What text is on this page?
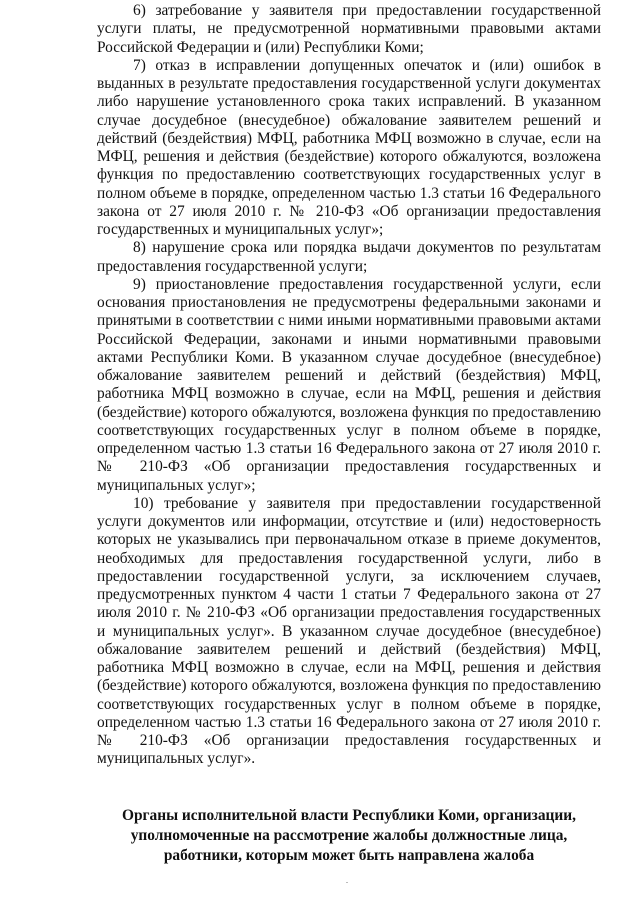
6) затребование у заявителя при предоставлении государственной услуги платы, не предусмотренной нормативными правовыми актами Российской Федерации и (или) Республики Коми;

7) отказ в исправлении допущенных опечаток и (или) ошибок в выданных в результате предоставления государственной услуги документах либо нарушение установленного срока таких исправлений. В указанном случае досудебное (внесудебное) обжалование заявителем решений и действий (бездействия) МФЦ, работника МФЦ возможно в случае, если на МФЦ, решения и действия (бездействие) которого обжалуются, возложена функция по предоставлению соответствующих государственных услуг в полном объеме в порядке, определенном частью 1.3 статьи 16 Федерального закона от 27 июля 2010 г. № 210-ФЗ «Об организации предоставления государственных и муниципальных услуг»;

8) нарушение срока или порядка выдачи документов по результатам предоставления государственной услуги;

9) приостановление предоставления государственной услуги, если основания приостановления не предусмотрены федеральными законами и принятыми в соответствии с ними иными нормативными правовыми актами Российской Федерации, законами и иными нормативными правовыми актами Республики Коми. В указанном случае досудебное (внесудебное) обжалование заявителем решений и действий (бездействия) МФЦ, работника МФЦ возможно в случае, если на МФЦ, решения и действия (бездействие) которого обжалуются, возложена функция по предоставлению соответствующих государственных услуг в полном объеме в порядке, определенном частью 1.3 статьи 16 Федерального закона от 27 июля 2010 г. № 210-ФЗ «Об организации предоставления государственных и муниципальных услуг»;

10) требование у заявителя при предоставлении государственной услуги документов или информации, отсутствие и (или) недостоверность которых не указывались при первоначальном отказе в приеме документов, необходимых для предоставления государственной услуги, либо в предоставлении государственной услуги, за исключением случаев, предусмотренных пунктом 4 части 1 статьи 7 Федерального закона от 27 июля 2010 г. № 210-ФЗ «Об организации предоставления государственных и муниципальных услуг». В указанном случае досудебное (внесудебное) обжалование заявителем решений и действий (бездействия) МФЦ, работника МФЦ возможно в случае, если на МФЦ, решения и действия (бездействие) которого обжалуются, возложена функция по предоставлению соответствующих государственных услуг в полном объеме в порядке, определенном частью 1.3 статьи 16 Федерального закона от 27 июля 2010 г. № 210-ФЗ «Об организации предоставления государственных и муниципальных услуг».

Органы исполнительной власти Республики Коми, организации,
уполномоченные на рассмотрение жалобы должностные лица,
работники, которым может быть направлена жалоба
